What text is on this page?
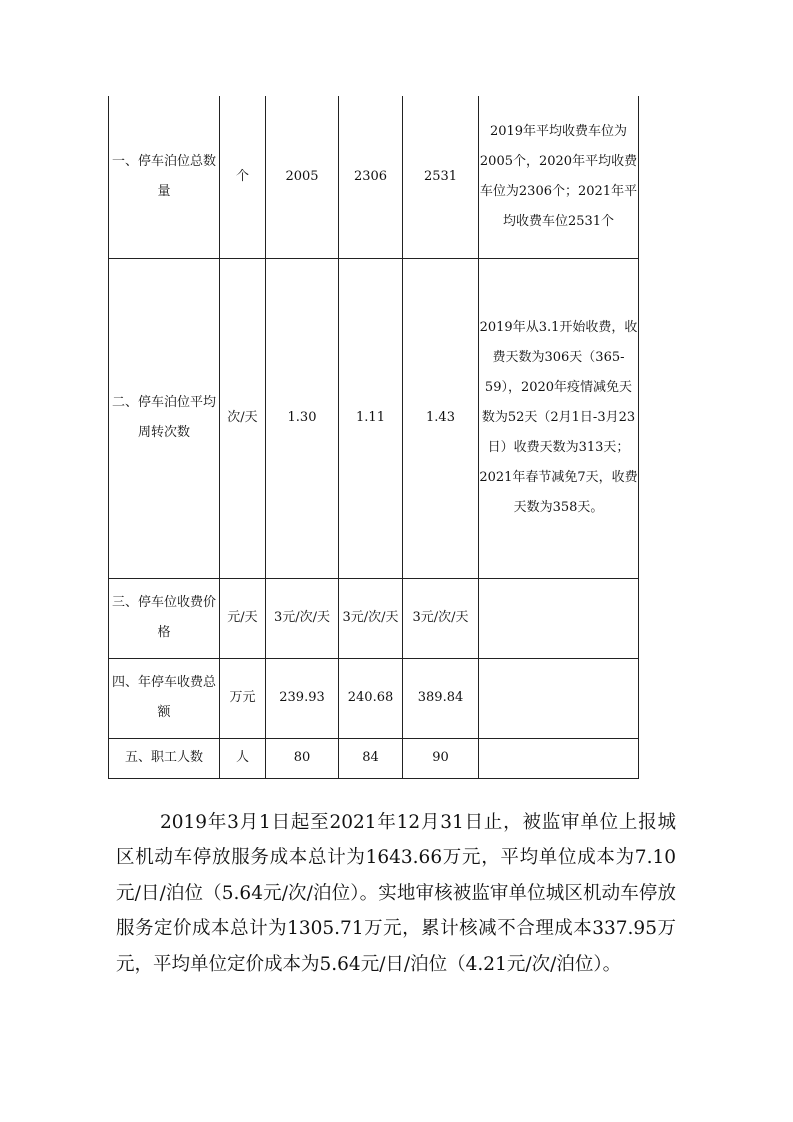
一、停车泊位总数量	个	2005	2306	2531	2019年平均收费车位为2005个，2020年平均收费车位为2306个；2021年平均收费车位2531个
二、停车泊位平均周转次数	次/天	1.30	1.11	1.43	2019年从3.1开始收费，收费天数为306天（365-59），2020年疫情减免天数为52天（2月1日-3月23日）收费天数为313天；2021年春节减免7天，收费天数为358天。
三、停车位收费价格	元/天	3元/次/天	3元/次/天	3元/次/天	
四、年停车收费总额	万元	239.93	240.68	389.84	
五、职工人数	人	80	84	90	

2019年3月1日起至2021年12月31日止，被监审单位上报城区机动车停放服务成本总计为1643.66万元，平均单位成本为7.10元/日/泊位（5.64元/次/泊位）。实地审核被监审单位城区机动车停放服务定价成本总计为1305.71万元，累计核减不合理成本337.95万元，平均单位定价成本为5.64元/日/泊位（4.21元/次/泊位）。
